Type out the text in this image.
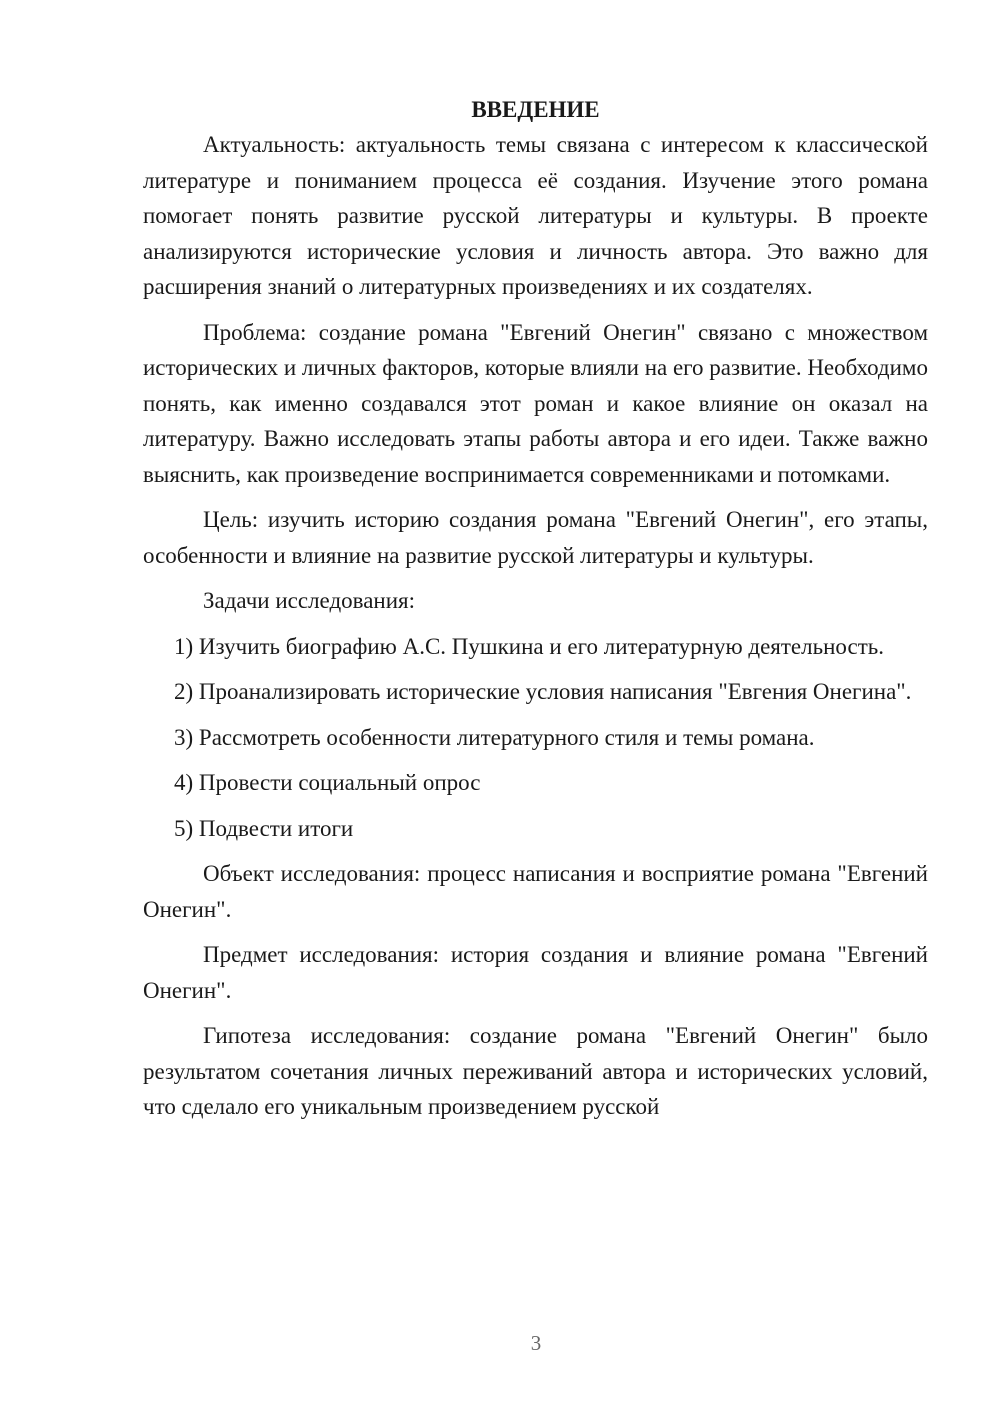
ВВЕДЕНИЕ

Актуальность: актуальность темы связана с интересом к классической литературе и пониманием процесса её создания. Изучение этого романа помогает понять развитие русской литературы и культуры. В проекте анализируются исторические условия и личность автора. Это важно для расширения знаний о литературных произведениях и их создателях.

Проблема: создание романа "Евгений Онегин" связано с множеством исторических и личных факторов, которые влияли на его развитие. Необходимо понять, как именно создавался этот роман и какое влияние он оказал на литературу. Важно исследовать этапы работы автора и его идеи. Также важно выяснить, как произведение воспринимается современниками и потомками.

Цель: изучить историю создания романа "Евгений Онегин", его этапы, особенности и влияние на развитие русской литературы и культуры.

Задачи исследования:

1) Изучить биографию А.С. Пушкина и его литературную деятельность.

2) Проанализировать исторические условия написания "Евгения Онегина".

3) Рассмотреть особенности литературного стиля и темы романа.

4) Провести социальный опрос

5) Подвести итоги

Объект исследования: процесс написания и восприятие романа "Евгений Онегин".

Предмет исследования: история создания и влияние романа "Евгений Онегин".

Гипотеза исследования: создание романа "Евгений Онегин" было результатом сочетания личных переживаний автора и исторических условий, что сделало его уникальным произведением русской

3
